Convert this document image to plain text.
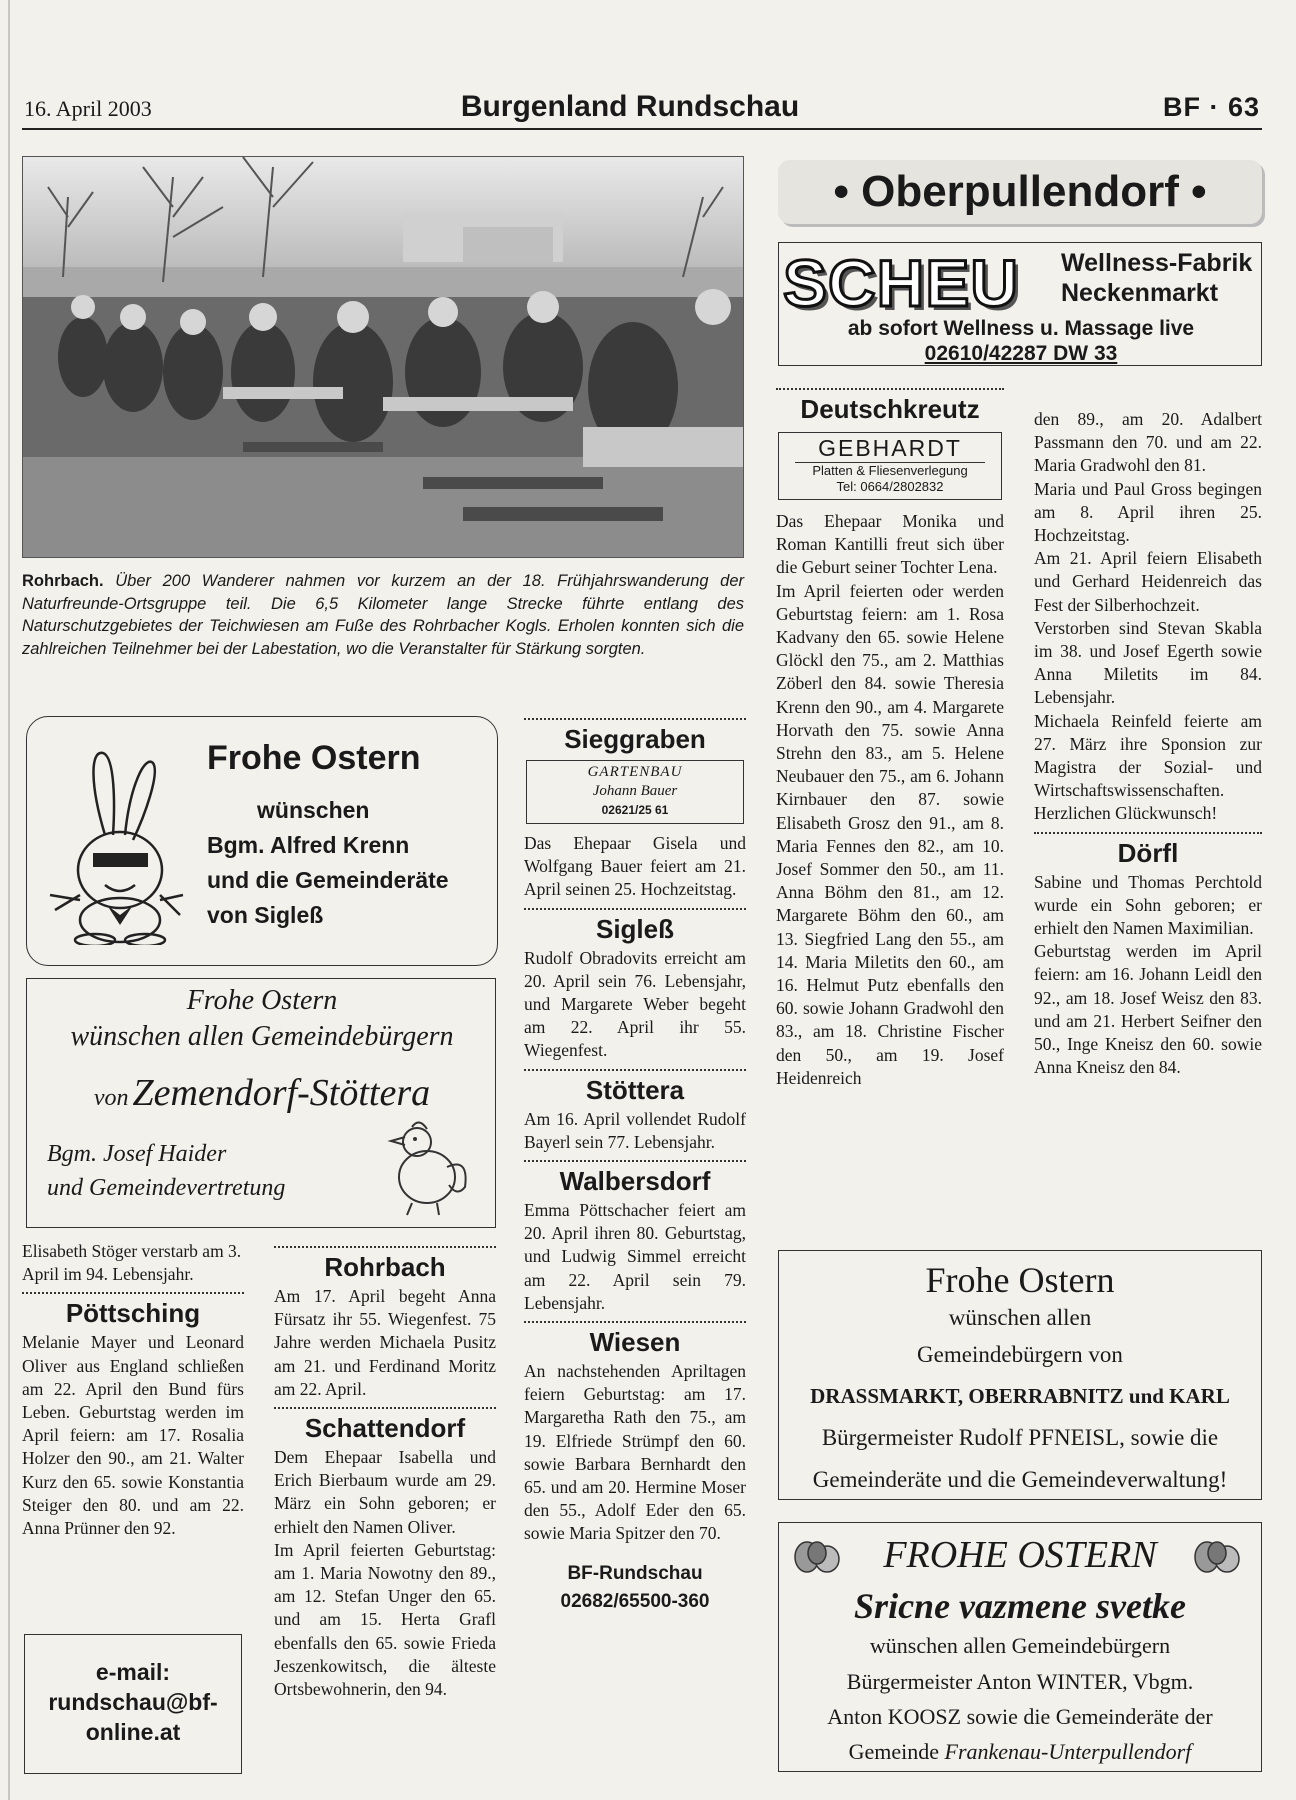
16. April 2003	Burgenland Rundschau	BF · 63
Rohrbach. Über 200 Wanderer nahmen vor kurzem an der 18. Frühjahrswanderung der Naturfreunde-Ortsgruppe teil. Die 6,5 Kilometer lange Strecke führte entlang des Naturschutzgebietes der Teichwiesen am Fuße des Rohrbacher Kogls. Erholen konnten sich die zahlreichen Teilnehmer bei der Labestation, wo die Veranstalter für Stärkung sorgten.
Frohe Ostern
wünschen
Bgm. Alfred Krenn
und die Gemeinderäte
von Sigleß
Frohe Ostern
wünschen allen Gemeindebürgern
von Zemendorf-Stöttera
Bgm. Josef Haider
und Gemeindevertretung

Elisabeth Stöger verstarb am 3. April im 94. Lebensjahr.

Pöttsching

Melanie Mayer und Leonard Oliver aus England schließen am 22. April den Bund fürs Leben. Geburtstag werden im April feiern: am 17. Rosalia Holzer den 90., am 21. Walter Kurz den 65. sowie Konstantia Steiger den 80. und am 22. Anna Prünner den 92.

e-mail:
rundschau@bf-
online.at
Rohrbach

Am 17. April begeht Anna Fürsatz ihr 55. Wiegenfest. 75 Jahre werden Michaela Pusitz am 21. und Ferdinand Moritz am 22. April.

Schattendorf

Dem Ehepaar Isabella und Erich Bierbaum wurde am 29. März ein Sohn geboren; er erhielt den Namen Oliver.

Im April feierten Geburtstag: am 1. Maria Nowotny den 89., am 12. Stefan Unger den 65. und am 15. Herta Grafl ebenfalls den 65. sowie Frieda Jeszenkowitsch, die älteste Ortsbewohnerin, den 94.

Sieggraben
GARTENBAU
Johann Bauer
02621/25 61

Das Ehepaar Gisela und Wolfgang Bauer feiert am 21. April seinen 25. Hochzeitstag.

Sigleß

Rudolf Obradovits erreicht am 20. April sein 76. Lebensjahr, und Margarete Weber begeht am 22. April ihr 55. Wiegenfest.

Stöttera

Am 16. April vollendet Rudolf Bayerl sein 77. Lebensjahr.

Walbersdorf

Emma Pöttschacher feiert am 20. April ihren 80. Geburtstag, und Ludwig Simmel erreicht am 22. April sein 79. Lebensjahr.

Wiesen

An nachstehenden Apriltagen feiern Geburtstag: am 17. Margaretha Rath den 75., am 19. Elfriede Strümpf den 60. sowie Barbara Bernhardt den 65. und am 20. Hermine Moser den 55., Adolf Eder den 65. sowie Maria Spitzer den 70.

BF-Rundschau
02682/65500-360
• Oberpullendorf •
SCHEU Wellness-Fabrik
Neckenmarkt
ab sofort Wellness u. Massage live
02610/42287 DW 33
Deutschkreutz
GEBHARDT
Platten & Fliesenverlegung
Tel: 0664/2802832

Das Ehepaar Monika und Roman Kantilli freut sich über die Geburt seiner Tochter Lena.

Im April feierten oder werden Geburtstag feiern: am 1. Rosa Kadvany den 65. sowie Helene Glöckl den 75., am 2. Matthias Zöberl den 84. sowie Theresia Krenn den 90., am 4. Margarete Horvath den 75. sowie Anna Strehn den 83., am 5. Helene Neubauer den 75., am 6. Johann Kirnbauer den 87. sowie Elisabeth Grosz den 91., am 8. Maria Fennes den 82., am 10. Josef Sommer den 50., am 11. Anna Böhm den 81., am 12. Margarete Böhm den 60., am 13. Siegfried Lang den 55., am 14. Maria Miletits den 60., am 16. Helmut Putz ebenfalls den 60. sowie Johann Gradwohl den 83., am 18. Christine Fischer den 50., am 19. Josef Heidenreich

den 89., am 20. Adalbert Passmann den 70. und am 22. Maria Gradwohl den 81.

Maria und Paul Gross begingen am 8. April ihren 25. Hochzeitstag.

Am 21. April feiern Elisabeth und Gerhard Heidenreich das Fest der Silberhochzeit.

Verstorben sind Stevan Skabla im 38. und Josef Egerth sowie Anna Miletits im 84. Lebensjahr.

Michaela Reinfeld feierte am 27. März ihre Sponsion zur Magistra der Sozial- und Wirtschaftswissenschaften. Herzlichen Glückwunsch!

Dörfl

Sabine und Thomas Perchtold wurde ein Sohn geboren; er erhielt den Namen Maximilian.

Geburtstag werden im April feiern: am 16. Johann Leidl den 92., am 18. Josef Weisz den 83. und am 21. Herbert Seifner den 50., Inge Kneisz den 60. sowie Anna Kneisz den 84.

Frohe Ostern
wünschen allen
Gemeindebürgern von
DRASSMARKT, OBERRABNITZ und KARL
Bürgermeister Rudolf PFNEISL, sowie die
Gemeinderäte und die Gemeindeverwaltung!
FROHE OSTERN
Sricne vazmene svetke
wünschen allen Gemeindebürgern
Bürgermeister Anton WINTER, Vbgm.
Anton KOOSZ sowie die Gemeinderäte der
Gemeinde Frankenau-Unterpullendorf
